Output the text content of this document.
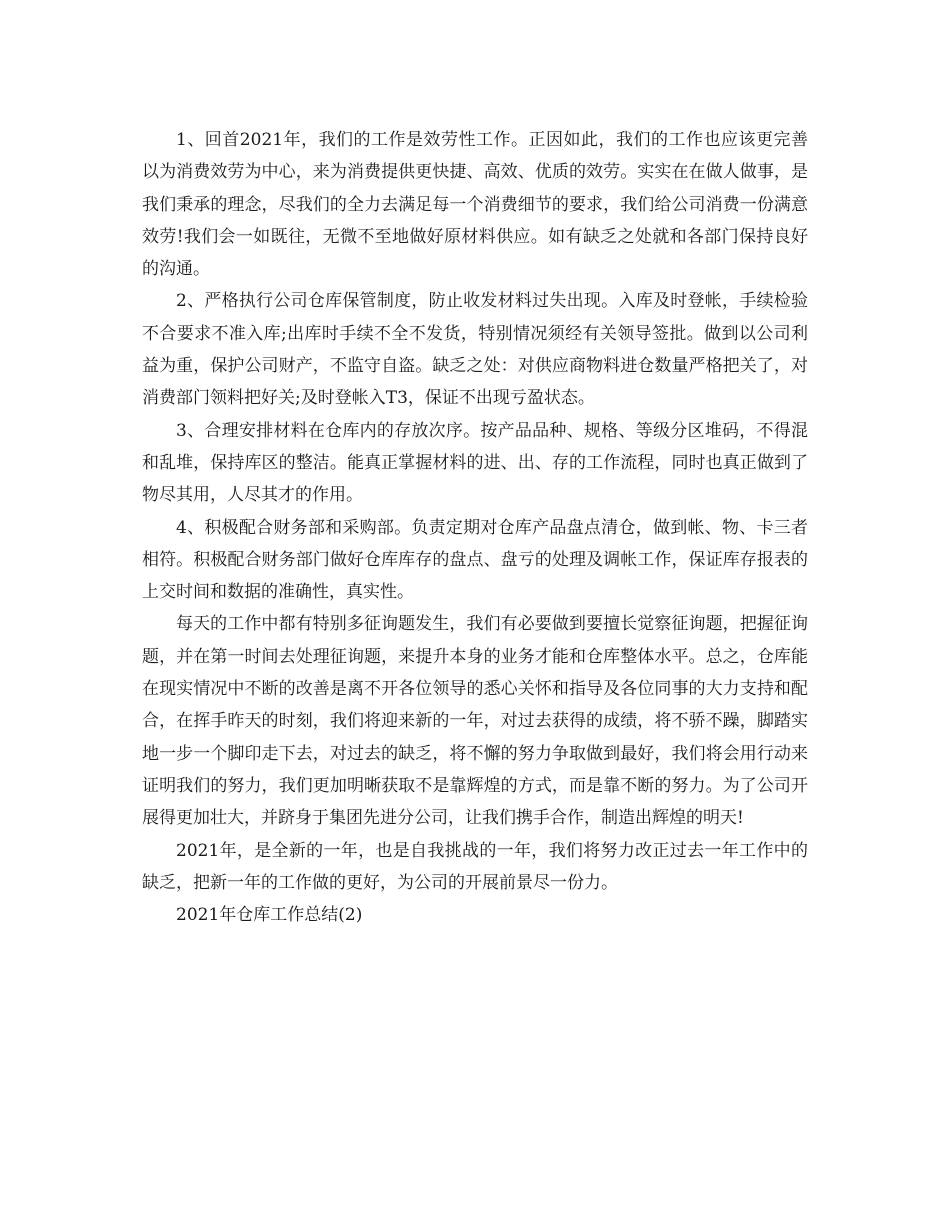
1、回首2021年，我们的工作是效劳性工作。正因如此，我们的工作也应该更完善以为消费效劳为中心，来为消费提供更快捷、高效、优质的效劳。实实在在做人做事，是我们秉承的理念，尽我们的全力去满足每一个消费细节的要求，我们给公司消费一份满意效劳!我们会一如既往，无微不至地做好原材料供应。如有缺乏之处就和各部门保持良好的沟通。

2、严格执行公司仓库保管制度，防止收发材料过失出现。入库及时登帐，手续检验不合要求不准入库;出库时手续不全不发货，特别情况须经有关领导签批。做到以公司利益为重，保护公司财产，不监守自盗。缺乏之处：对供应商物料进仓数量严格把关了，对消费部门领料把好关;及时登帐入T3，保证不出现亏盈状态。

3、合理安排材料在仓库内的存放次序。按产品品种、规格、等级分区堆码，不得混和乱堆，保持库区的整洁。能真正掌握材料的进、出、存的工作流程，同时也真正做到了物尽其用，人尽其才的作用。

4、积极配合财务部和采购部。负责定期对仓库产品盘点清仓，做到帐、物、卡三者相符。积极配合财务部门做好仓库库存的盘点、盘亏的处理及调帐工作，保证库存报表的上交时间和数据的准确性，真实性。

每天的工作中都有特别多征询题发生，我们有必要做到要擅长觉察征询题，把握征询题，并在第一时间去处理征询题，来提升本身的业务才能和仓库整体水平。总之，仓库能在现实情况中不断的改善是离不开各位领导的悉心关怀和指导及各位同事的大力支持和配合，在挥手昨天的时刻，我们将迎来新的一年，对过去获得的成绩，将不骄不躁，脚踏实地一步一个脚印走下去，对过去的缺乏，将不懈的努力争取做到最好，我们将会用行动来证明我们的努力，我们更加明晰获取不是靠辉煌的方式，而是靠不断的努力。为了公司开展得更加壮大，并跻身于集团先进分公司，让我们携手合作，制造出辉煌的明天!

2021年，是全新的一年，也是自我挑战的一年，我们将努力改正过去一年工作中的缺乏，把新一年的工作做的更好，为公司的开展前景尽一份力。

2021年仓库工作总结(2)
